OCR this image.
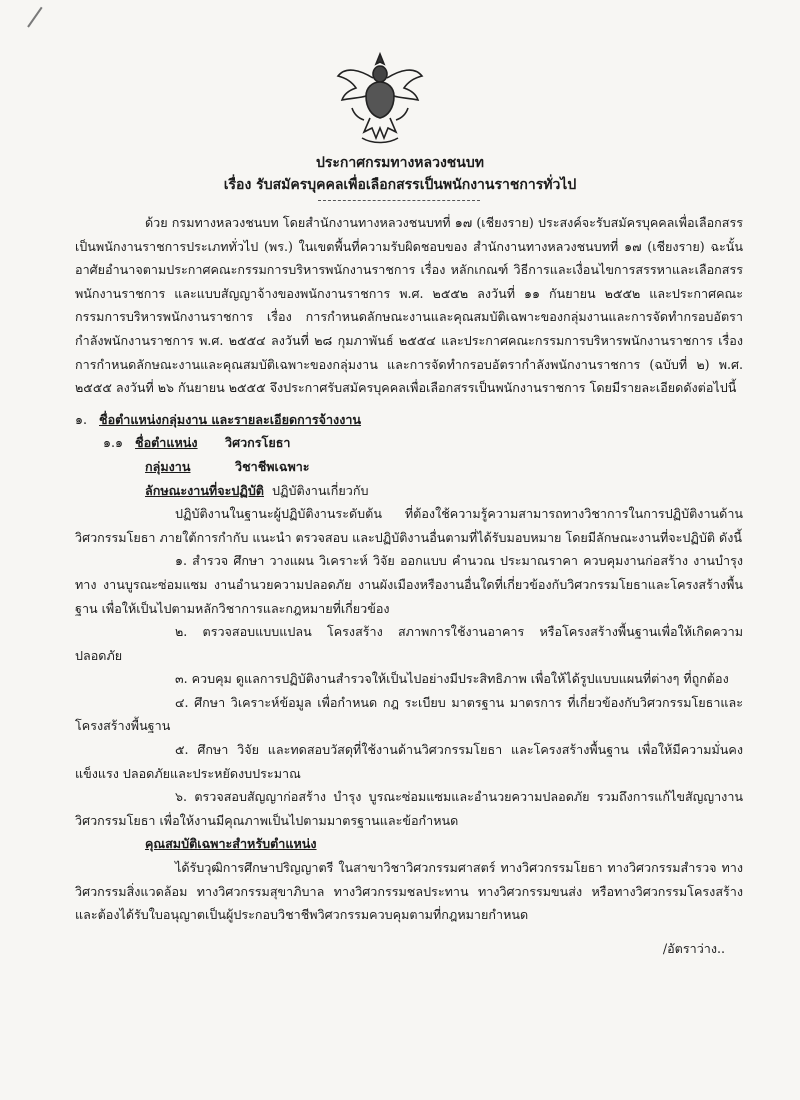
ประกาศกรมทางหลวงชนบท
เรื่อง รับสมัครบุคคลเพื่อเลือกสรรเป็นพนักงานราชการทั่วไป

ด้วย กรมทางหลวงชนบท โดยสำนักงานทางหลวงชนบทที่ ๑๗ (เชียงราย) ประสงค์จะรับสมัครบุคคลเพื่อเลือกสรรเป็นพนักงานราชการประเภททั่วไป (พร.) ในเขตพื้นที่ความรับผิดชอบของ สำนักงานทางหลวงชนบทที่ ๑๗ (เชียงราย) ฉะนั้น อาศัยอำนาจตามประกาศคณะกรรมการบริหารพนักงานราชการ เรื่อง หลักเกณฑ์ วิธีการและเงื่อนไขการสรรหาและเลือกสรรพนักงานราชการ และแบบสัญญาจ้างของพนักงานราชการ พ.ศ. ๒๕๕๒ ลงวันที่ ๑๑ กันยายน ๒๕๕๒ และประกาศคณะกรรมการบริหารพนักงานราชการ เรื่อง การกำหนดลักษณะงานและคุณสมบัติเฉพาะของกลุ่มงานและการจัดทำกรอบอัตรากำลังพนักงานราชการ พ.ศ. ๒๕๕๔ ลงวันที่ ๒๘ กุมภาพันธ์ ๒๕๕๔ และประกาศคณะกรรมการบริหารพนักงานราชการ เรื่อง การกำหนดลักษณะงานและคุณสมบัติเฉพาะของกลุ่มงาน และการจัดทำกรอบอัตรากำลังพนักงานราชการ (ฉบับที่ ๒) พ.ศ. ๒๕๕๕ ลงวันที่ ๒๖ กันยายน ๒๕๕๕ จึงประกาศรับสมัครบุคคลเพื่อเลือกสรรเป็นพนักงานราชการ โดยมีรายละเอียดดังต่อไปนี้

๑. ชื่อตำแหน่งกลุ่มงาน และรายละเอียดการจ้างงาน

๑.๑ ชื่อตำแหน่ง วิศวกรโยธา

กลุ่มงาน	วิชาชีพเฉพาะ

ลักษณะงานที่จะปฏิบัติ ปฏิบัติงานเกี่ยวกับ

ปฏิบัติงานในฐานะผู้ปฏิบัติงานระดับต้น ที่ต้องใช้ความรู้ความสามารถทางวิชาการในการปฏิบัติงานด้านวิศวกรรมโยธา ภายใต้การกำกับ แนะนำ ตรวจสอบ และปฏิบัติงานอื่นตามที่ได้รับมอบหมาย โดยมีลักษณะงานที่จะปฏิบัติ ดังนี้

๑. สำรวจ ศึกษา วางแผน วิเคราะห์ วิจัย ออกแบบ คำนวณ ประมาณราคา ควบคุมงานก่อสร้าง งานบำรุงทาง งานบูรณะซ่อมแซม งานอำนวยความปลอดภัย งานผังเมืองหรืองานอื่นใดที่เกี่ยวข้องกับวิศวกรรมโยธาและโครงสร้างพื้นฐาน เพื่อให้เป็นไปตามหลักวิชาการและกฎหมายที่เกี่ยวข้อง

๒. ตรวจสอบแบบแปลน โครงสร้าง สภาพการใช้งานอาคาร หรือโครงสร้างพื้นฐานเพื่อให้เกิดความปลอดภัย

๓. ควบคุม ดูแลการปฏิบัติงานสำรวจให้เป็นไปอย่างมีประสิทธิภาพ เพื่อให้ได้รูปแบบแผนที่ต่างๆ ที่ถูกต้อง

๔. ศึกษา วิเคราะห์ข้อมูล เพื่อกำหนด กฎ ระเบียบ มาตรฐาน มาตรการ ที่เกี่ยวข้องกับวิศวกรรมโยธาและโครงสร้างพื้นฐาน

๕. ศึกษา วิจัย และทดสอบวัสดุที่ใช้งานด้านวิศวกรรมโยธา และโครงสร้างพื้นฐาน เพื่อให้มีความมั่นคง แข็งแรง ปลอดภัยและประหยัดงบประมาณ

๖. ตรวจสอบสัญญาก่อสร้าง บำรุง บูรณะซ่อมแซมและอำนวยความปลอดภัย รวมถึงการแก้ไขสัญญางานวิศวกรรมโยธา เพื่อให้งานมีคุณภาพเป็นไปตามมาตรฐานและข้อกำหนด

คุณสมบัติเฉพาะสำหรับตำแหน่ง

ได้รับวุฒิการศึกษาปริญญาตรี ในสาขาวิชาวิศวกรรมศาสตร์ ทางวิศวกรรมโยธา ทางวิศวกรรมสำรวจ ทางวิศวกรรมสิ่งแวดล้อม ทางวิศวกรรมสุขาภิบาล ทางวิศวกรรมชลประทาน ทางวิศวกรรมขนส่ง หรือทางวิศวกรรมโครงสร้าง และต้องได้รับใบอนุญาตเป็นผู้ประกอบวิชาชีพวิศวกรรมควบคุมตามที่กฎหมายกำหนด

/อัตราว่าง..
